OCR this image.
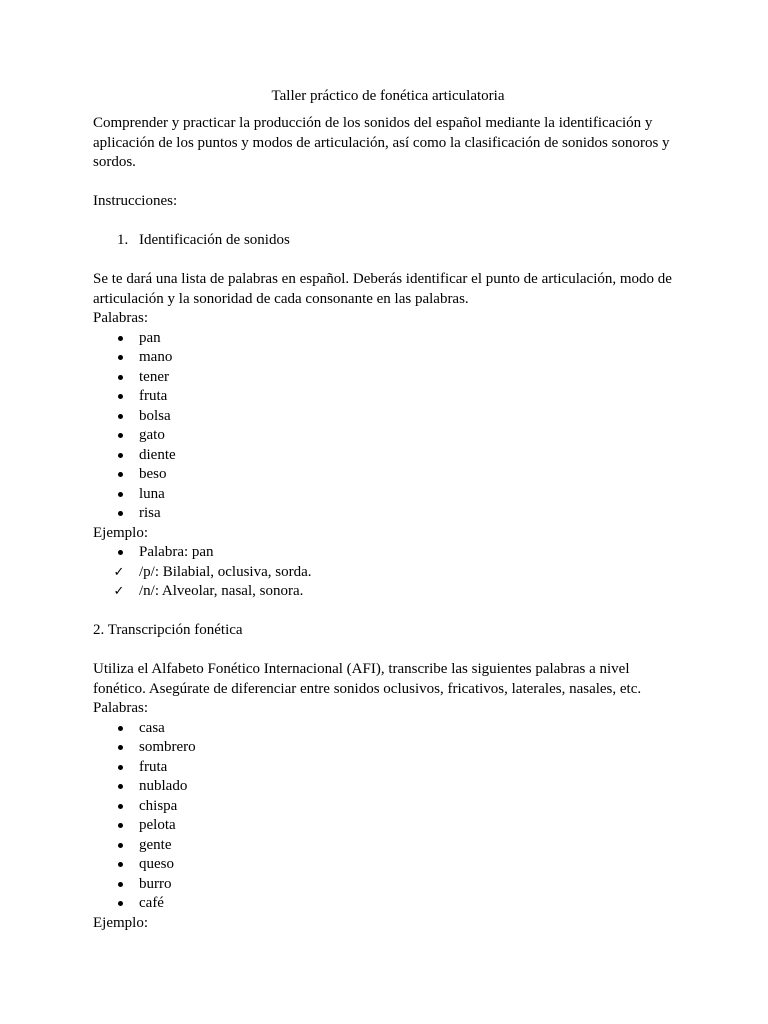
Taller práctico de fonética articulatoria

Comprender y practicar la producción de los sonidos del español mediante la identificación y aplicación de los puntos y modos de articulación, así como la clasificación de sonidos sonoros y sordos.

Instrucciones:

1. Identificación de sonidos

Se te dará una lista de palabras en español. Deberás identificar el punto de articulación, modo de articulación y la sonoridad de cada consonante en las palabras.

Palabras:

pan
mano
tener
fruta
bolsa
gato
diente
beso
luna
risa

Ejemplo:

Palabra: pan
✓ /p/: Bilabial, oclusiva, sorda.
✓ /n/: Alveolar, nasal, sonora.

2. Transcripción fonética

Utiliza el Alfabeto Fonético Internacional (AFI), transcribe las siguientes palabras a nivel fonético. Asegúrate de diferenciar entre sonidos oclusivos, fricativos, laterales, nasales, etc.

Palabras:

casa
sombrero
fruta
nublado
chispa
pelota
gente
queso
burro
café

Ejemplo:
